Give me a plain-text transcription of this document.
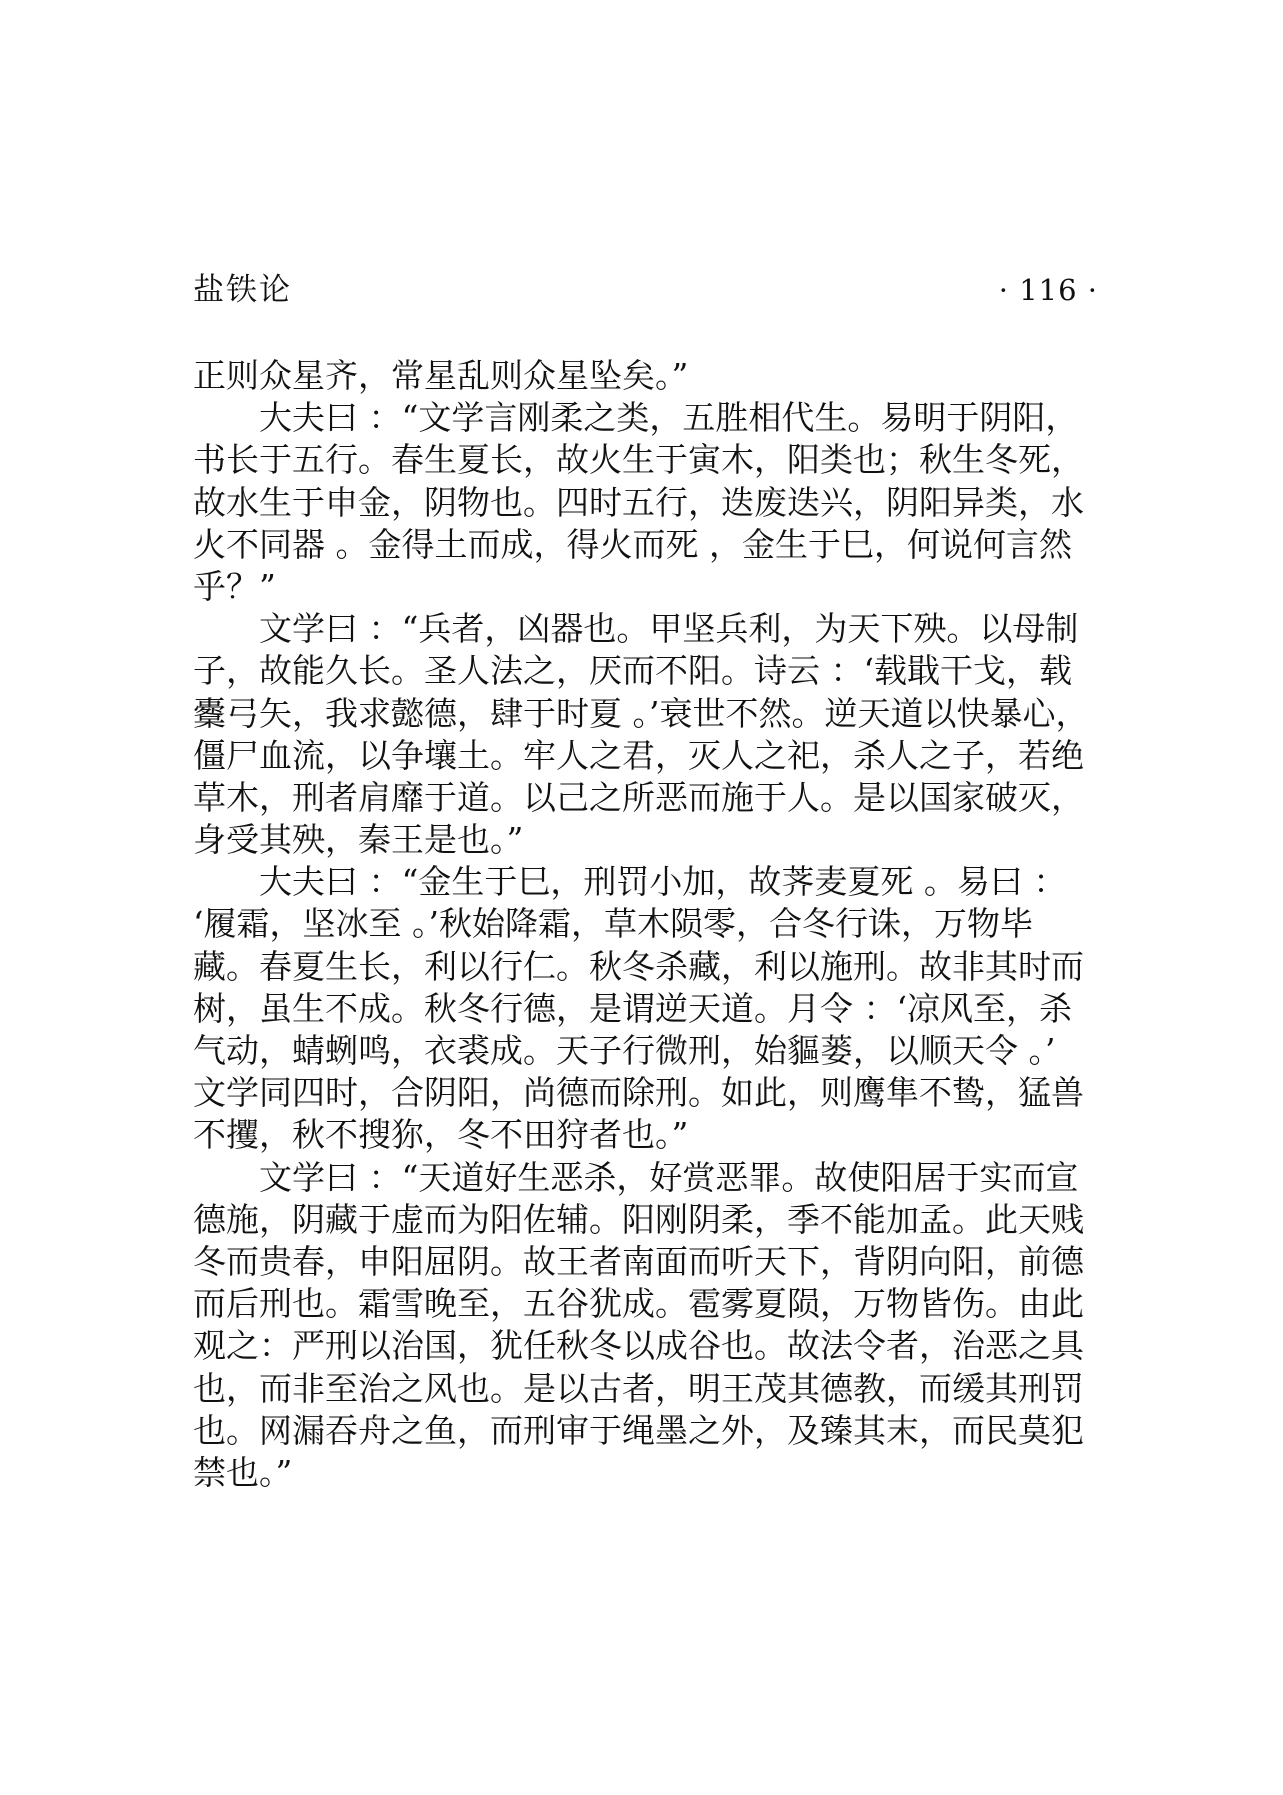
盐铁论	· 116 ·
正则众星齐，常星乱则众星坠矣。”
大夫曰 ：“文学言刚柔之类，五胜相代生。易明于阴阳，
书长于五行。春生夏长，故火生于寅木，阳类也；秋生冬死，
故水生于申金，阴物也。四时五行，迭废迭兴，阴阳异类，水
火不同器 。金得土而成，得火而死 ，金生于巳，何说何言然
乎？”
文学曰 ：“兵者，凶器也。甲坚兵利，为天下殃。以母制
子，故能久长。圣人法之，厌而不阳。诗云 ：‘载戢干戈，载
櫜弓矢，我求懿德，肆于时夏 。’衰世不然。逆天道以快暴心，
僵尸血流，以争壤土。牢人之君，灭人之祀，杀人之子，若绝
草木，刑者肩靡于道。以己之所恶而施于人。是以国家破灭，
身受其殃，秦王是也。”
大夫曰 ：“金生于巳，刑罚小加，故荠麦夏死 。易曰 ：
‘履霜，坚冰至 。’秋始降霜，草木陨零，合冬行诛，万物毕
藏。春夏生长，利以行仁。秋冬杀藏，利以施刑。故非其时而
树，虽生不成。秋冬行德，是谓逆天道。月令 ：‘凉风至，杀
气动，蜻蛚鸣，衣裘成。天子行微刑，始貙蒌，以顺天令 。’
文学同四时，合阴阳，尚德而除刑。如此，则鹰隼不鸷，猛兽
不攫，秋不搜狝，冬不田狩者也。”
文学曰 ：“天道好生恶杀，好赏恶罪。故使阳居于实而宣
德施，阴藏于虚而为阳佐辅。阳刚阴柔，季不能加孟。此天贱
冬而贵春，申阳屈阴。故王者南面而听天下，背阴向阳，前德
而后刑也。霜雪晚至，五谷犹成。雹雾夏陨，万物皆伤。由此
观之：严刑以治国，犹任秋冬以成谷也。故法令者，治恶之具
也，而非至治之风也。是以古者，明王茂其德教，而缓其刑罚
也。网漏吞舟之鱼，而刑审于绳墨之外，及臻其末，而民莫犯
禁也。”
